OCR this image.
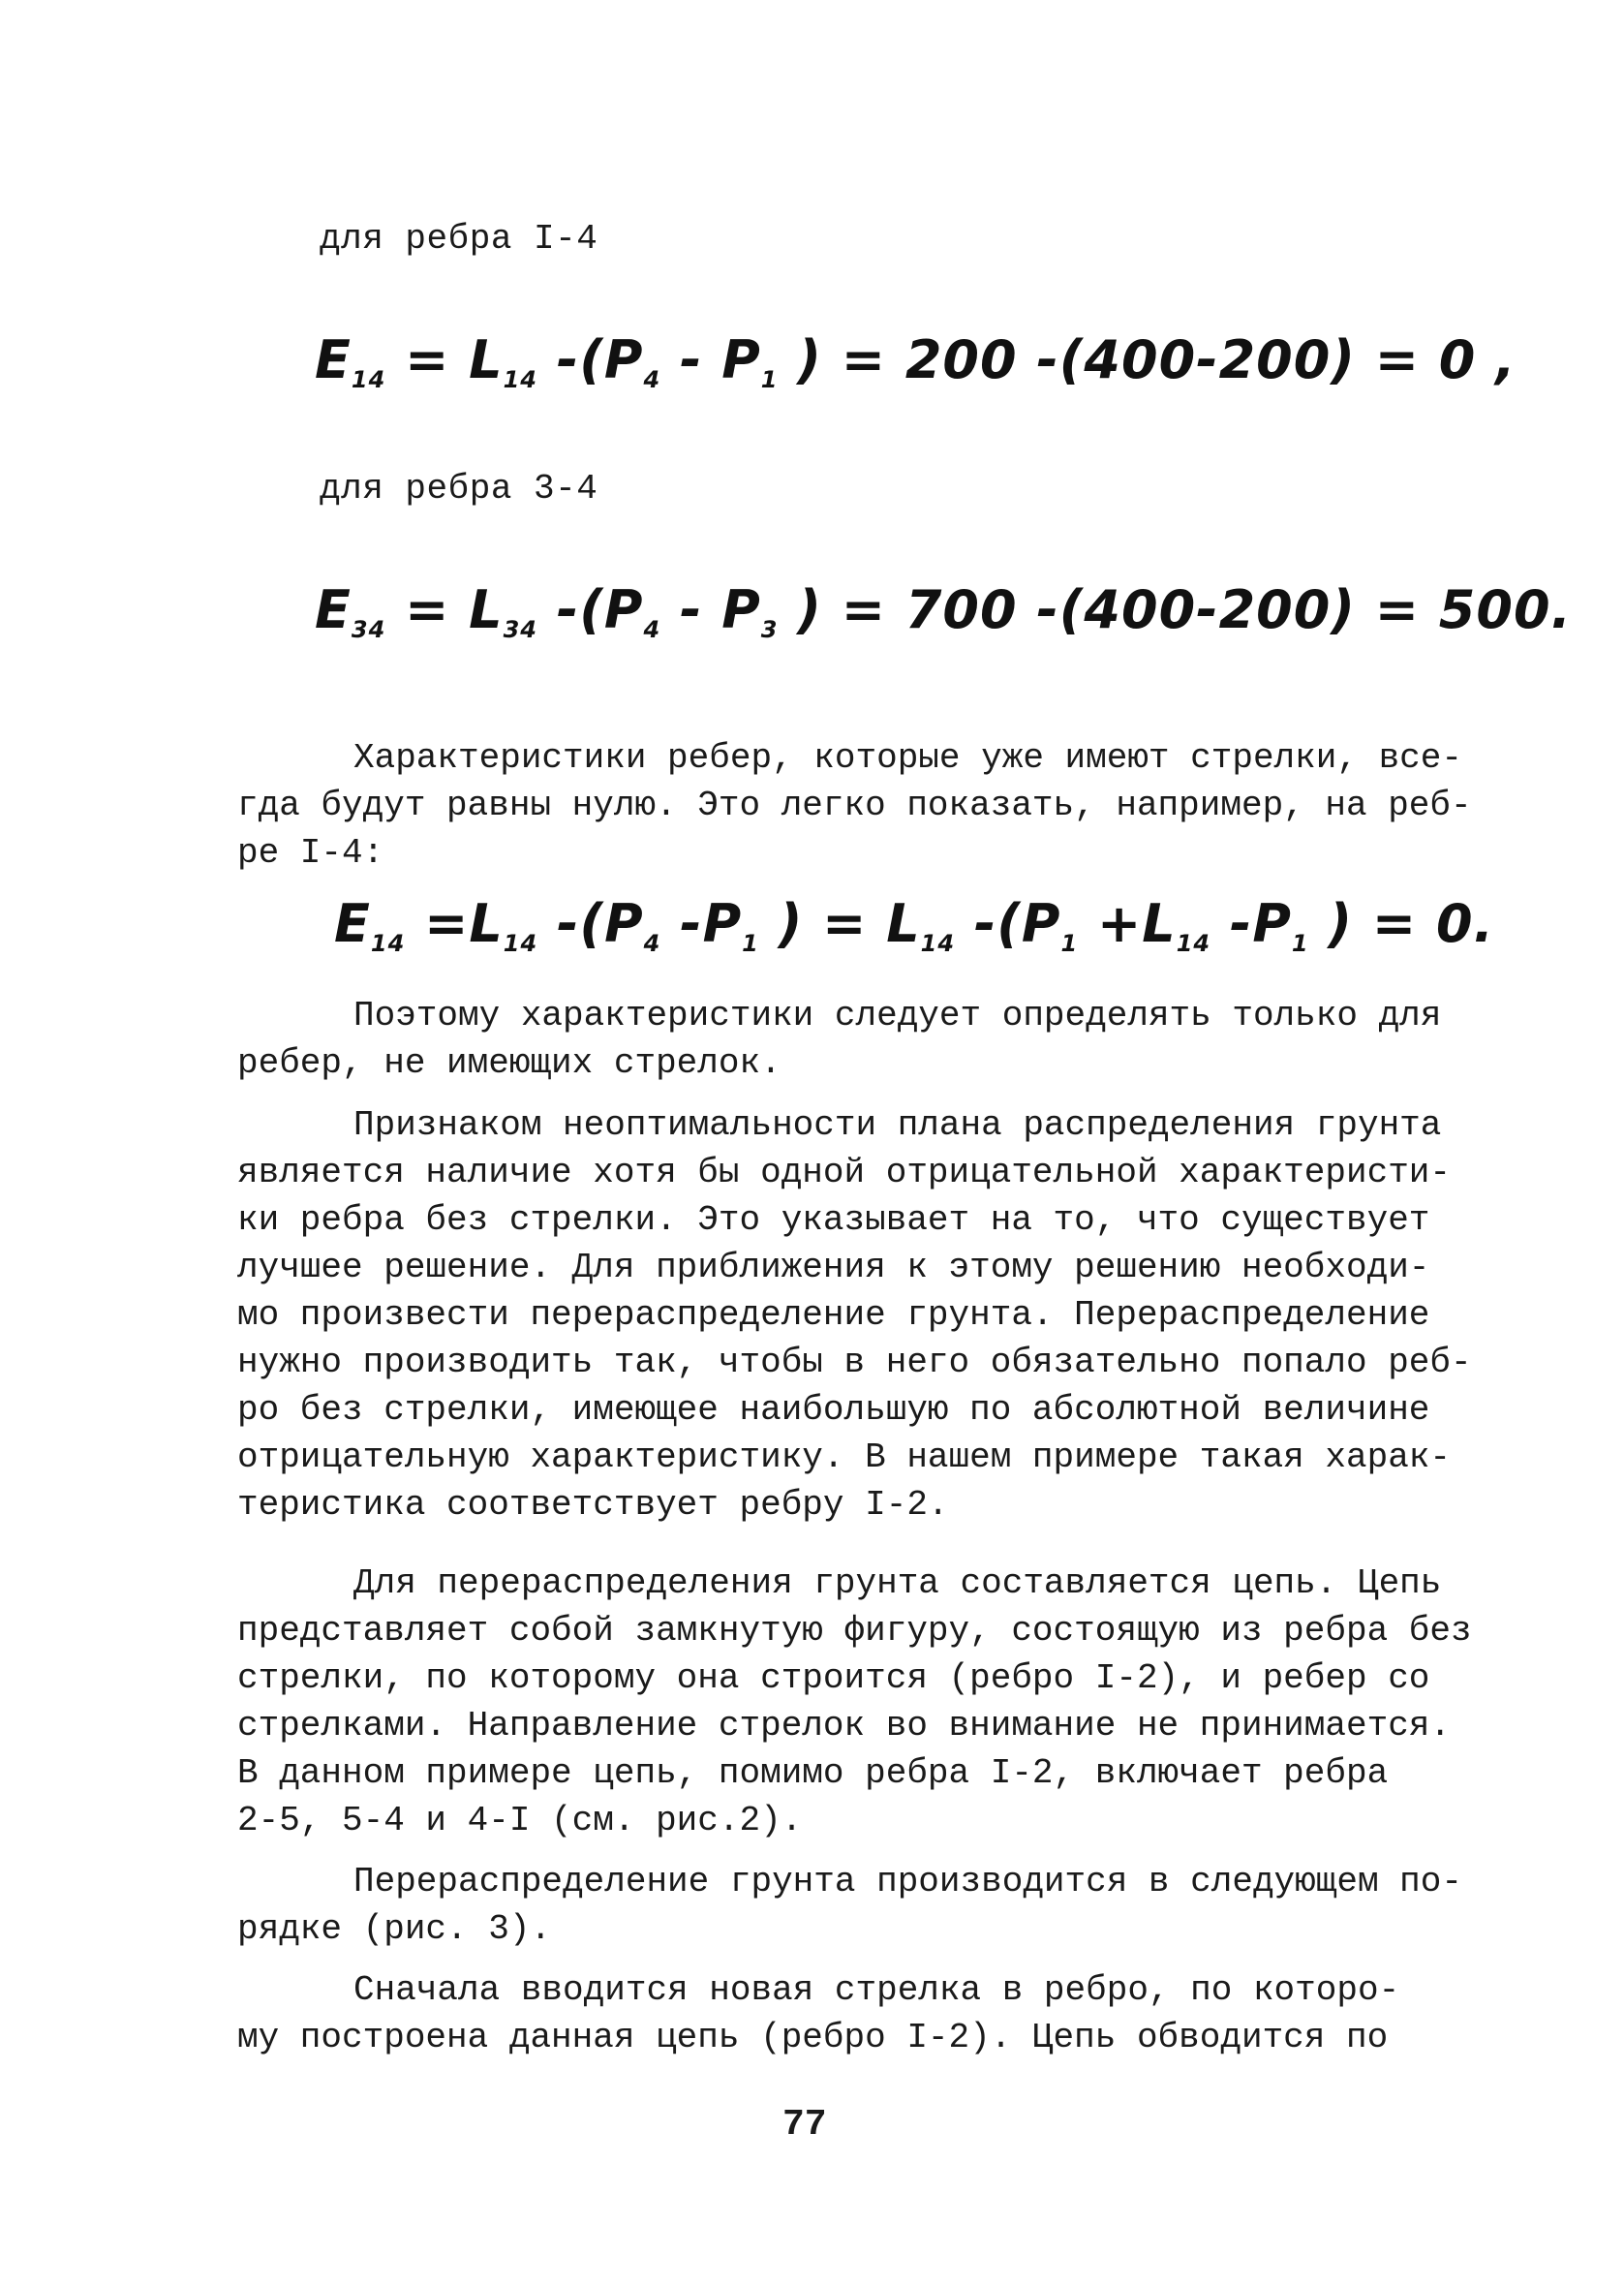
для ребра I-4
$E_{14} = L_{14}$ $-(P_4 - P_1$ ) = 200 -(400-200) = 0 ,
для ребра 3-4
$E_{34} = L_{34}$ $-(P_4 - P_3$ ) = 700 -(400-200) = 500.
Характеристики ребер, которые уже имеют стрелки, все-
гда будут равны нулю. Это легко показать, например, на реб-
ре I-4:
$E_{14} =L_{14}$ $-(P_4$ $-P_1$ ) = $L_{14}$ $-(P_1 +L_{14}$ $-P_1$ ) = 0.
Поэтому характеристики следует определять только для
ребер, не имеющих стрелок.
Признаком неоптимальности плана распределения грунта
является наличие хотя бы одной отрицательной характеристи-
ки ребра без стрелки. Это указывает на то, что существует
лучшее решение. Для приближения к этому решению необходи-
мо произвести перераспределение грунта. Перераспределение
нужно производить так, чтобы в него обязательно попало реб-
ро без стрелки, имеющее наибольшую по абсолютной величине
отрицательную характеристику. В нашем примере такая харак-
теристика соответствует ребру I-2.
Для перераспределения грунта составляется цепь. Цепь
представляет собой замкнутую фигуру, состоящую из ребра без
стрелки, по которому она строится (ребро I-2), и ребер со
стрелками. Направление стрелок во внимание не принимается.
В данном примере цепь, помимо ребра I-2, включает ребра
2-5, 5-4 и 4-I (см. рис.2).
Перераспределение грунта производится в следующем по-
рядке (рис. 3).
Сначала вводится новая стрелка в ребро, по которо-
му построена данная цепь (ребро I-2). Цепь обводится по
77
